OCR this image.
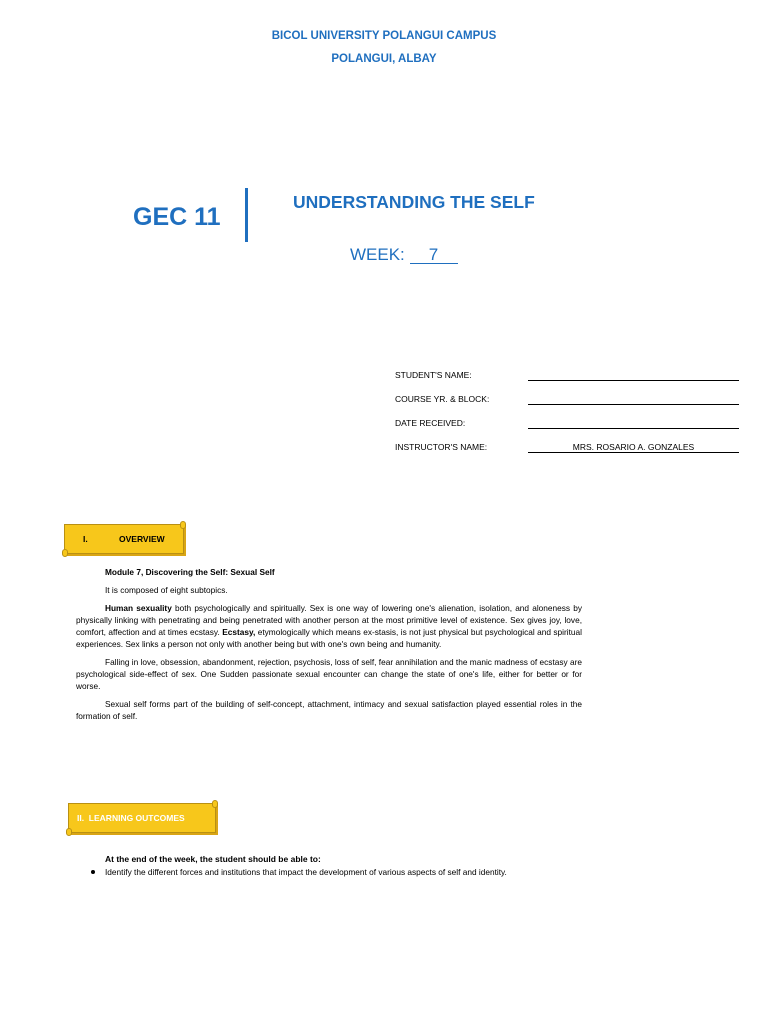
BICOL UNIVERSITY POLANGUI CAMPUS
POLANGUI, ALBAY
GEC 11
UNDERSTANDING THE SELF
WEEK: 7
STUDENT'S NAME:
COURSE YR. & BLOCK:
DATE RECEIVED:
INSTRUCTOR'S NAME:	MRS. ROSARIO A. GONZALES
I.	OVERVIEW

Module 7, Discovering the Self: Sexual Self

It is composed of eight subtopics.

Human sexuality both psychologically and spiritually. Sex is one way of lowering one's alienation, isolation, and aloneness by physically linking with penetrating and being penetrated with another person at the most primitive level of existence. Sex gives joy, love, comfort, affection and at times ecstasy. Ecstasy, etymologically which means ex-stasis, is not just physical but psychological and spiritual experiences. Sex links a person not only with another being but with one's own being and humanity.

Falling in love, obsession, abandonment, rejection, psychosis, loss of self, fear annihilation and the manic madness of ecstasy are psychological side-effect of sex. One Sudden passionate sexual encounter can change the state of one's life, either for better or for worse.

Sexual self forms part of the building of self-concept, attachment, intimacy and sexual satisfaction played essential roles in the formation of self.

II.  LEARNING OUTCOMES
At the end of the week, the student should be able to:
Identify the different forces and institutions that impact the development of various aspects of self and identity.
